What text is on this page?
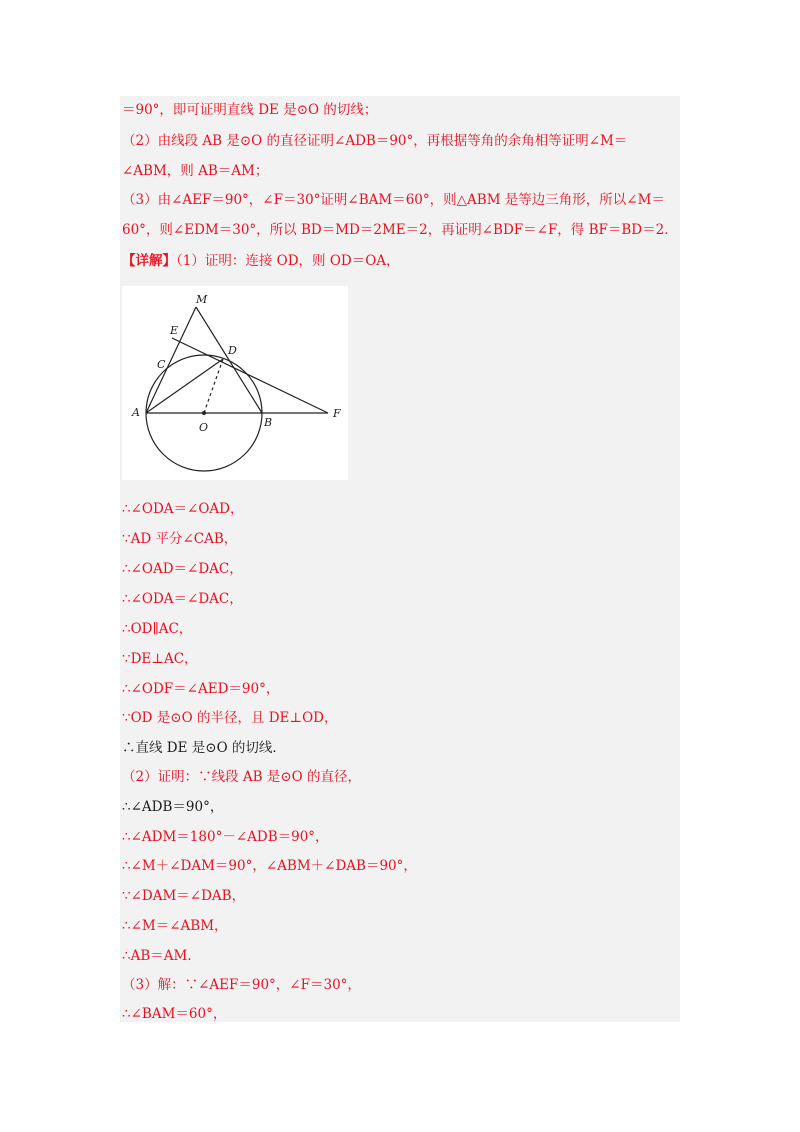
＝90°，即可证明直线 DE 是⊙O 的切线；
（2）由线段 AB 是⊙O 的直径证明∠ADB＝90°，再根据等角的余角相等证明∠M＝
∠ABM，则 AB＝AM；
（3）由∠AEF＝90°，∠F＝30°证明∠BAM＝60°，则△ABM 是等边三角形，所以∠M＝
60°，则∠EDM＝30°，所以 BD＝MD＝2ME＝2，再证明∠BDF＝∠F，得 BF＝BD＝2．
【详解】（1）证明：连接 OD，则 OD＝OA，
M
E
C
D
A
O	B
F
∴∠ODA＝∠OAD，
∵AD 平分∠CAB，
∴∠OAD＝∠DAC，
∴∠ODA＝∠DAC，
∴OD∥AC，
∵DE⊥AC，
∴∠ODF＝∠AED＝90°，
∵OD 是⊙O 的半径，且 DE⊥OD，
∴直线 DE 是⊙O 的切线．
（2）证明：∵线段 AB 是⊙O 的直径，
∴∠ADB＝90°，
∴∠ADM＝180°－∠ADB＝90°，
∴∠M＋∠DAM＝90°，∠ABM＋∠DAB＝90°，
∵∠DAM＝∠DAB，
∴∠M＝∠ABM，
∴AB＝AM．
（3）解：∵∠AEF＝90°，∠F＝30°，
∴∠BAM＝60°，
